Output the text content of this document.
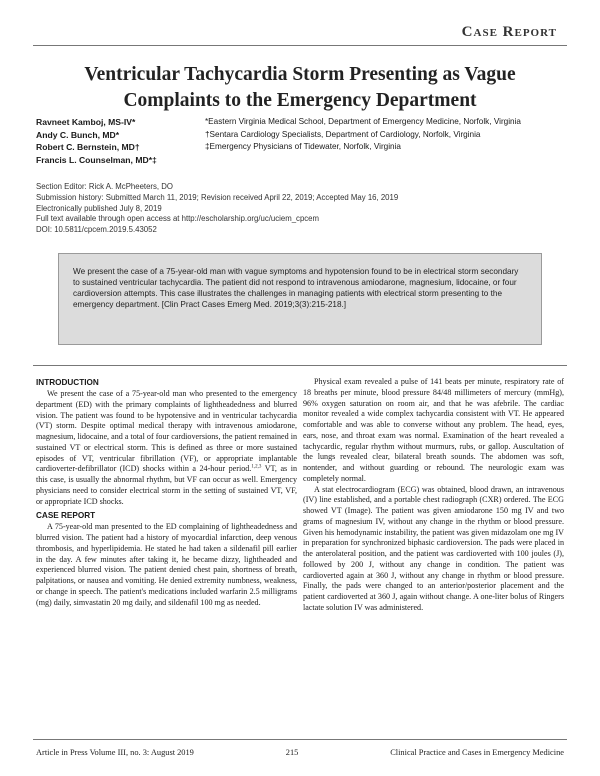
Case Report
Ventricular Tachycardia Storm Presenting as Vague Complaints to the Emergency Department
Ravneet Kamboj, MS-IV*
Andy C. Bunch, MD*
Robert C. Bernstein, MD†
Francis L. Counselman, MD*‡
*Eastern Virginia Medical School, Department of Emergency Medicine, Norfolk, Virginia
†Sentara Cardiology Specialists, Department of Cardiology, Norfolk, Virginia
‡Emergency Physicians of Tidewater, Norfolk, Virginia
Section Editor: Rick A. McPheeters, DO
Submission history: Submitted March 11, 2019; Revision received April 22, 2019; Accepted May 16, 2019
Electronically published July 8, 2019
Full text available through open access at http://escholarship.org/uc/uciem_cpcem
DOI: 10.5811/cpcem.2019.5.43052
We present the case of a 75-year-old man with vague symptoms and hypotension found to be in electrical storm secondary to sustained ventricular tachycardia. The patient did not respond to intravenous amiodarone, magnesium, lidocaine, or four cardioversion attempts. This case illustrates the challenges in managing patients with electrical storm presenting to the emergency department. [Clin Pract Cases Emerg Med. 2019;3(3):215-218.]
INTRODUCTION

We present the case of a 75-year-old man who presented to the emergency department (ED) with the primary complaints of lightheadedness and blurred vision. The patient was found to be hypotensive and in ventricular tachycardia (VT) storm. Despite optimal medical therapy with intravenous amiodarone, magnesium, lidocaine, and a total of four cardioversions, the patient remained in sustained VT or electrical storm. This is defined as three or more sustained episodes of VT, ventricular fibrillation (VF), or appropriate implantable cardioverter-defibrillator (ICD) shocks within a 24-hour period.$^{1,2,3}$ VT, as in this case, is usually the abnormal rhythm, but VF can occur as well. Emergency physicians need to consider electrical storm in the setting of sustained VT, VF, or appropriate ICD shocks.

CASE REPORT

A 75-year-old man presented to the ED complaining of lightheadedness and blurred vision. The patient had a history of myocardial infarction, deep venous thrombosis, and hyperlipidemia. He stated he had taken a sildenafil pill earlier in the day. A few minutes after taking it, he became dizzy, lightheaded and experienced blurred vision. The patient denied chest pain, shortness of breath, palpitations, or nausea and vomiting. He denied extremity numbness, weakness, or change in speech. The patient's medications included warfarin 2.5 milligrams (mg) daily, simvastatin 20 mg daily, and sildenafil 100 mg as needed.

Physical exam revealed a pulse of 141 beats per minute, respiratory rate of 18 breaths per minute, blood pressure 84/48 millimeters of mercury (mmHg), 96% oxygen saturation on room air, and that he was afebrile. The cardiac monitor revealed a wide complex tachycardia consistent with VT. He appeared comfortable and was able to converse without any problem. The head, eyes, ears, nose, and throat exam was normal. Examination of the heart revealed a tachycardic, regular rhythm without murmurs, rubs, or gallop. Auscultation of the lungs revealed clear, bilateral breath sounds. The abdomen was soft, nontender, and without guarding or rebound. The neurologic exam was completely normal.

A stat electrocardiogram (ECG) was obtained, blood drawn, an intravenous (IV) line established, and a portable chest radiograph (CXR) ordered. The ECG showed VT (Image). The patient was given amiodarone 150 mg IV and two grams of magnesium IV, without any change in the rhythm or blood pressure. Given his hemodynamic instability, the patient was given midazolam one mg IV in preparation for synchronized biphasic cardioversion. The pads were placed in the anterolateral position, and the patient was cardioverted with 100 joules (J), followed by 200 J, without any change in condition. The patient was cardioverted again at 360 J, without any change in rhythm or blood pressure. Finally, the pads were changed to an anterior/posterior placement and the patient cardioverted at 360 J, again without change. A one-liter bolus of Ringers lactate solution IV was administered.

Article in Press Volume III, no. 3: August 2019	215	Clinical Practice and Cases in Emergency Medicine
